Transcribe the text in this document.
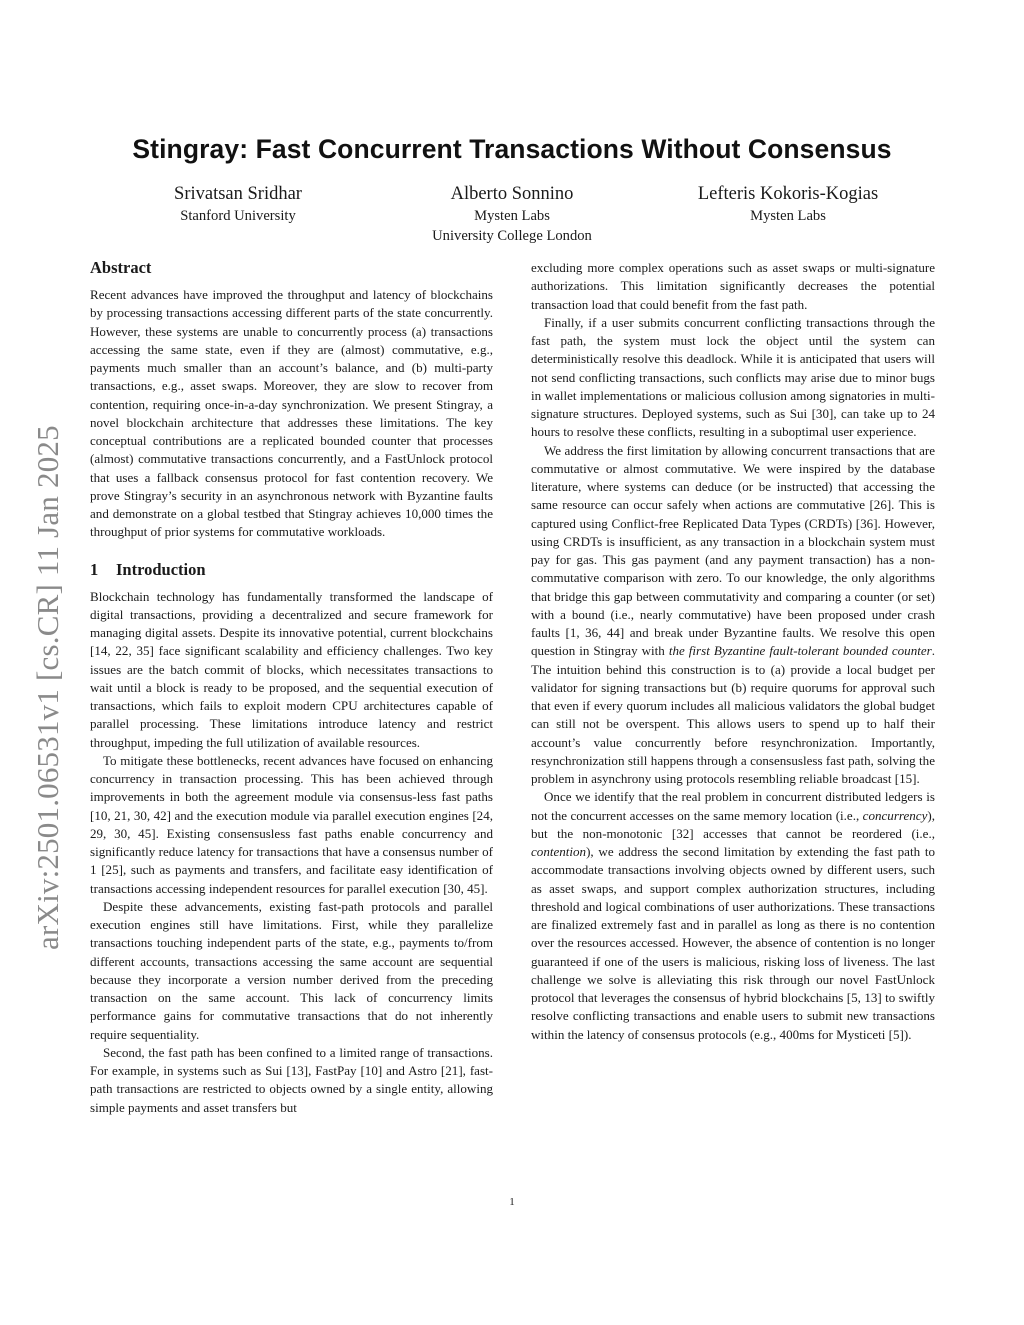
arXiv:2501.06531v1 [cs.CR] 11 Jan 2025
Stingray: Fast Concurrent Transactions Without Consensus
Srivatsan Sridhar
Stanford University
Alberto Sonnino
Mysten Labs
University College London
Lefteris Kokoris-Kogias
Mysten Labs
Abstract

Recent advances have improved the throughput and latency of blockchains by processing transactions accessing different parts of the state concurrently. However, these systems are unable to concurrently process (a) transactions accessing the same state, even if they are (almost) commutative, e.g., payments much smaller than an account’s balance, and (b) multi-party transactions, e.g., asset swaps. Moreover, they are slow to recover from contention, requiring once-in-a-day synchronization. We present Stingray, a novel blockchain architecture that addresses these limitations. The key conceptual contributions are a replicated bounded counter that processes (almost) commutative transactions concurrently, and a FastUnlock protocol that uses a fallback consensus protocol for fast contention recovery. We prove Stingray’s security in an asynchronous network with Byzantine faults and demonstrate on a global testbed that Stingray achieves 10,000 times the throughput of prior systems for commutative workloads.

1 Introduction

Blockchain technology has fundamentally transformed the landscape of digital transactions, providing a decentralized and secure framework for managing digital assets. Despite its innovative potential, current blockchains [14, 22, 35] face significant scalability and efficiency challenges. Two key issues are the batch commit of blocks, which necessitates transactions to wait until a block is ready to be proposed, and the sequential execution of transactions, which fails to exploit modern CPU architectures capable of parallel processing. These limitations introduce latency and restrict throughput, impeding the full utilization of available resources.

To mitigate these bottlenecks, recent advances have focused on enhancing concurrency in transaction processing. This has been achieved through improvements in both the agreement module via consensus-less fast paths [10, 21, 30, 42] and the execution module via parallel execution engines [24, 29, 30, 45]. Existing consensusless fast paths enable concurrency and significantly reduce latency for transactions that have a consensus number of 1 [25], such as payments and transfers, and facilitate easy identification of transactions accessing independent resources for parallel execution [30, 45].

Despite these advancements, existing fast-path protocols and parallel execution engines still have limitations. First, while they parallelize transactions touching independent parts of the state, e.g., payments to/from different accounts, transactions accessing the same account are sequential because they incorporate a version number derived from the preceding transaction on the same account. This lack of concurrency limits performance gains for commutative transactions that do not inherently require sequentiality.

Second, the fast path has been confined to a limited range of transactions. For example, in systems such as Sui [13], FastPay [10] and Astro [21], fast-path transactions are restricted to objects owned by a single entity, allowing simple payments and asset transfers but

excluding more complex operations such as asset swaps or multi-signature authorizations. This limitation significantly decreases the potential transaction load that could benefit from the fast path.

Finally, if a user submits concurrent conflicting transactions through the fast path, the system must lock the object until the system can deterministically resolve this deadlock. While it is anticipated that users will not send conflicting transactions, such conflicts may arise due to minor bugs in wallet implementations or malicious collusion among signatories in multi-signature structures. Deployed systems, such as Sui [30], can take up to 24 hours to resolve these conflicts, resulting in a suboptimal user experience.

We address the first limitation by allowing concurrent transactions that are commutative or almost commutative. We were inspired by the database literature, where systems can deduce (or be instructed) that accessing the same resource can occur safely when actions are commutative [26]. This is captured using Conflict-free Replicated Data Types (CRDTs) [36]. However, using CRDTs is insufficient, as any transaction in a blockchain system must pay for gas. This gas payment (and any payment transaction) has a non-commutative comparison with zero. To our knowledge, the only algorithms that bridge this gap between commutativity and comparing a counter (or set) with a bound (i.e., nearly commutative) have been proposed under crash faults [1, 36, 44] and break under Byzantine faults. We resolve this open question in Stingray with the first Byzantine fault-tolerant bounded counter. The intuition behind this construction is to (a) provide a local budget per validator for signing transactions but (b) require quorums for approval such that even if every quorum includes all malicious validators the global budget can still not be overspent. This allows users to spend up to half their account’s value concurrently before resynchronization. Importantly, resynchronization still happens through a consensusless fast path, solving the problem in asynchrony using protocols resembling reliable broadcast [15].

Once we identify that the real problem in concurrent distributed ledgers is not the concurrent accesses on the same memory location (i.e., concurrency), but the non-monotonic [32] accesses that cannot be reordered (i.e., contention), we address the second limitation by extending the fast path to accommodate transactions involving objects owned by different users, such as asset swaps, and support complex authorization structures, including threshold and logical combinations of user authorizations. These transactions are finalized extremely fast and in parallel as long as there is no contention over the resources accessed. However, the absence of contention is no longer guaranteed if one of the users is malicious, risking loss of liveness. The last challenge we solve is alleviating this risk through our novel FastUnlock protocol that leverages the consensus of hybrid blockchains [5, 13] to swiftly resolve conflicting transactions and enable users to submit new transactions within the latency of consensus protocols (e.g., 400ms for Mysticeti [5]).

1
